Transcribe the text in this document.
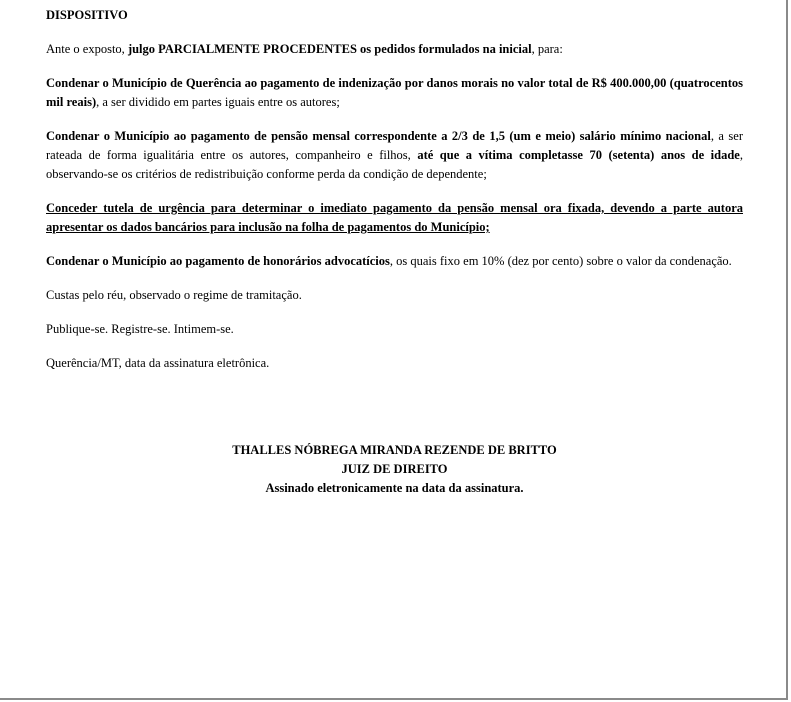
DISPOSITIVO

Ante o exposto, julgo PARCIALMENTE PROCEDENTES os pedidos formulados na inicial, para:

Condenar o Município de Querência ao pagamento de indenização por danos morais no valor total de R$ 400.000,00 (quatrocentos mil reais), a ser dividido em partes iguais entre os autores;

Condenar o Município ao pagamento de pensão mensal correspondente a 2/3 de 1,5 (um e meio) salário mínimo nacional, a ser rateada de forma igualitária entre os autores, companheiro e filhos, até que a vítima completasse 70 (setenta) anos de idade, observando-se os critérios de redistribuição conforme perda da condição de dependente;

Conceder tutela de urgência para determinar o imediato pagamento da pensão mensal ora fixada, devendo a parte autora apresentar os dados bancários para inclusão na folha de pagamentos do Município;

Condenar o Município ao pagamento de honorários advocatícios, os quais fixo em 10% (dez por cento) sobre o valor da condenação.

Custas pelo réu, observado o regime de tramitação.

Publique-se. Registre-se. Intimem-se.

Querência/MT, data da assinatura eletrônica.

THALLES NÓBREGA MIRANDA REZENDE DE BRITTO
JUIZ DE DIREITO
Assinado eletronicamente na data da assinatura.
